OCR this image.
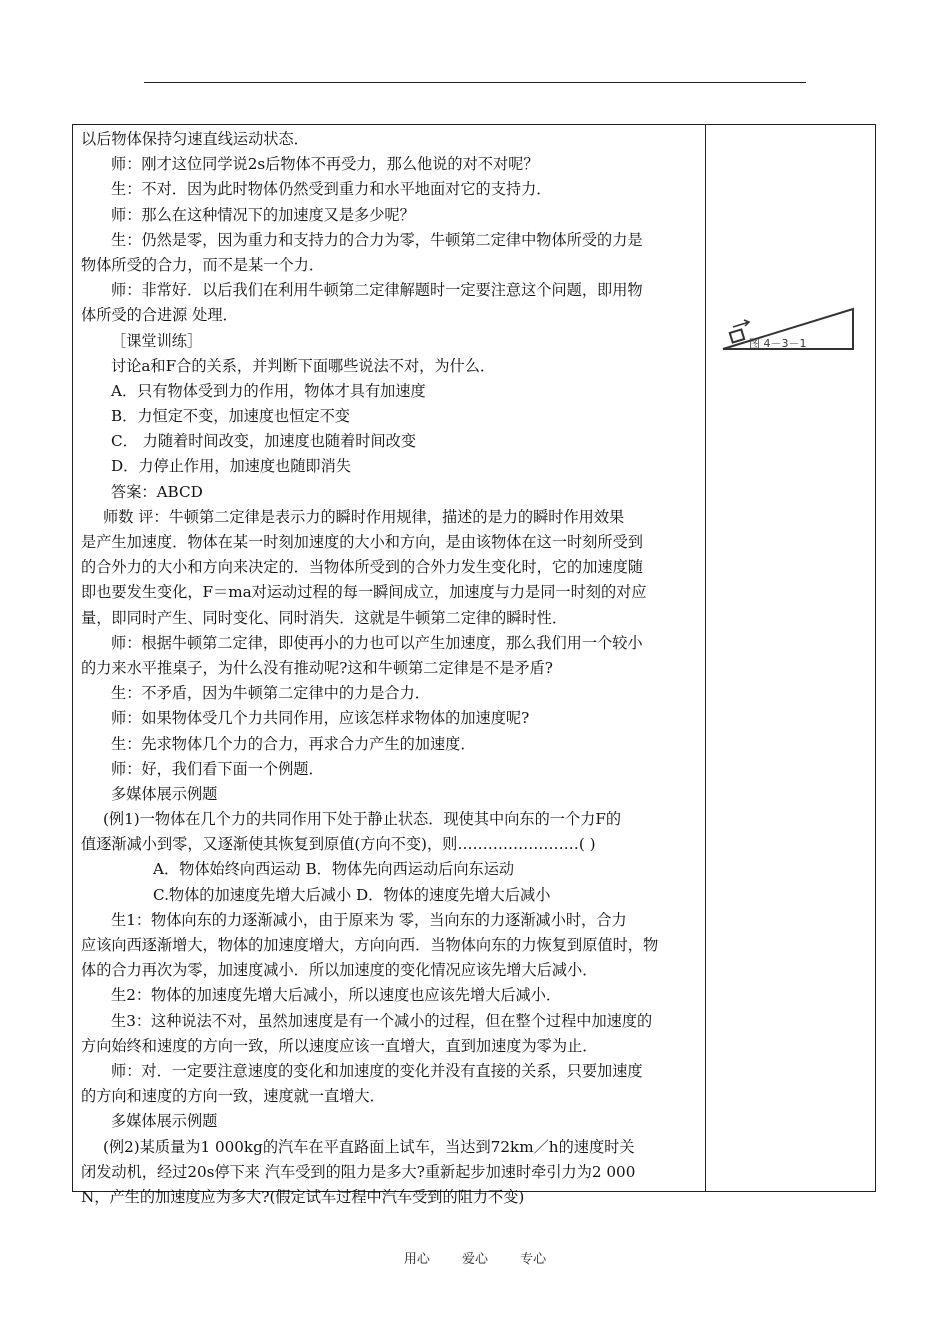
以后物体保持匀速直线运动状态．
师：刚才这位同学说2s后物体不再受力，那么他说的对不对呢？
生：不对．因为此时物体仍然受到重力和水平地面对它的支持力．
师：那么在这种情况下的加速度又是多少呢？
生：仍然是零，因为重力和支持力的合力为零，牛顿第二定律中物体所受的力是
物体所受的合力，而不是某一个力．
师：非常好．以后我们在利用牛顿第二定律解题时一定要注意这个问题，即用物
体所受的合进源 处理．
［课堂训练］
讨论a和F合的关系，并判断下面哪些说法不对，为什么．
A．只有物体受到力的作用，物体才具有加速度
B．力恒定不变，加速度也恒定不变
C． 力随着时间改变，加速度也随着时间改变
D．力停止作用，加速度也随即消失
答案：ABCD
师数 评：牛顿第二定律是表示力的瞬时作用规律，描述的是力的瞬时作用效果
是产生加速度．物体在某一时刻加速度的大小和方向，是由该物体在这一时刻所受到
的合外力的大小和方向来决定的．当物体所受到的合外力发生变化时，它的加速度随
即也要发生变化，F＝ma对运动过程的每一瞬间成立，加速度与力是同一时刻的对应
量，即同时产生、同时变化、同时消失．这就是牛顿第二定律的瞬时性．
师：根据牛顿第二定律，即使再小的力也可以产生加速度，那么我们用一个较小
的力来水平推桌子，为什么没有推动呢?这和牛顿第二定律是不是矛盾?
生：不矛盾，因为牛顿第二定律中的力是合力．
师：如果物体受几个力共同作用，应该怎样求物体的加速度呢?
生：先求物体几个力的合力，再求合力产生的加速度．
师：好，我们看下面一个例题．
多媒体展示例题
(例1)一物体在几个力的共同作用下处于静止状态．现使其中向东的一个力F的
值逐渐减小到零，又逐渐使其恢复到原值(方向不变)，则……………………( )
A．物体始终向西运动 B．物体先向西运动后向东运动
C.物体的加速度先增大后减小 D．物体的速度先增大后减小
生1：物体向东的力逐渐减小，由于原来为 零，当向东的力逐渐减小时，合力
应该向西逐渐增大，物体的加速度增大，方向向西．当物体向东的力恢复到原值时，物
体的合力再次为零，加速度减小．所以加速度的变化情况应该先增大后减小．
生2：物体的加速度先增大后减小，所以速度也应该先增大后减小．
生3：这种说法不对，虽然加速度是有一个减小的过程，但在整个过程中加速度的
方向始终和速度的方向一致，所以速度应该一直增大，直到加速度为零为止．
师：对．一定要注意速度的变化和加速度的变化并没有直接的关系，只要加速度
的方向和速度的方向一致，速度就一直增大．
多媒体展示例题
(例2)某质量为1 000kg的汽车在平直路面上试车，当达到72km／h的速度时关
闭发动机，经过20s停下来 汽车受到的阻力是多大?重新起步加速时牵引力为2 000
N，产生的加速度应为多大?(假定试车过程中汽车受到的阻力不变)
图 4－3－1
用心 爱心 专心
